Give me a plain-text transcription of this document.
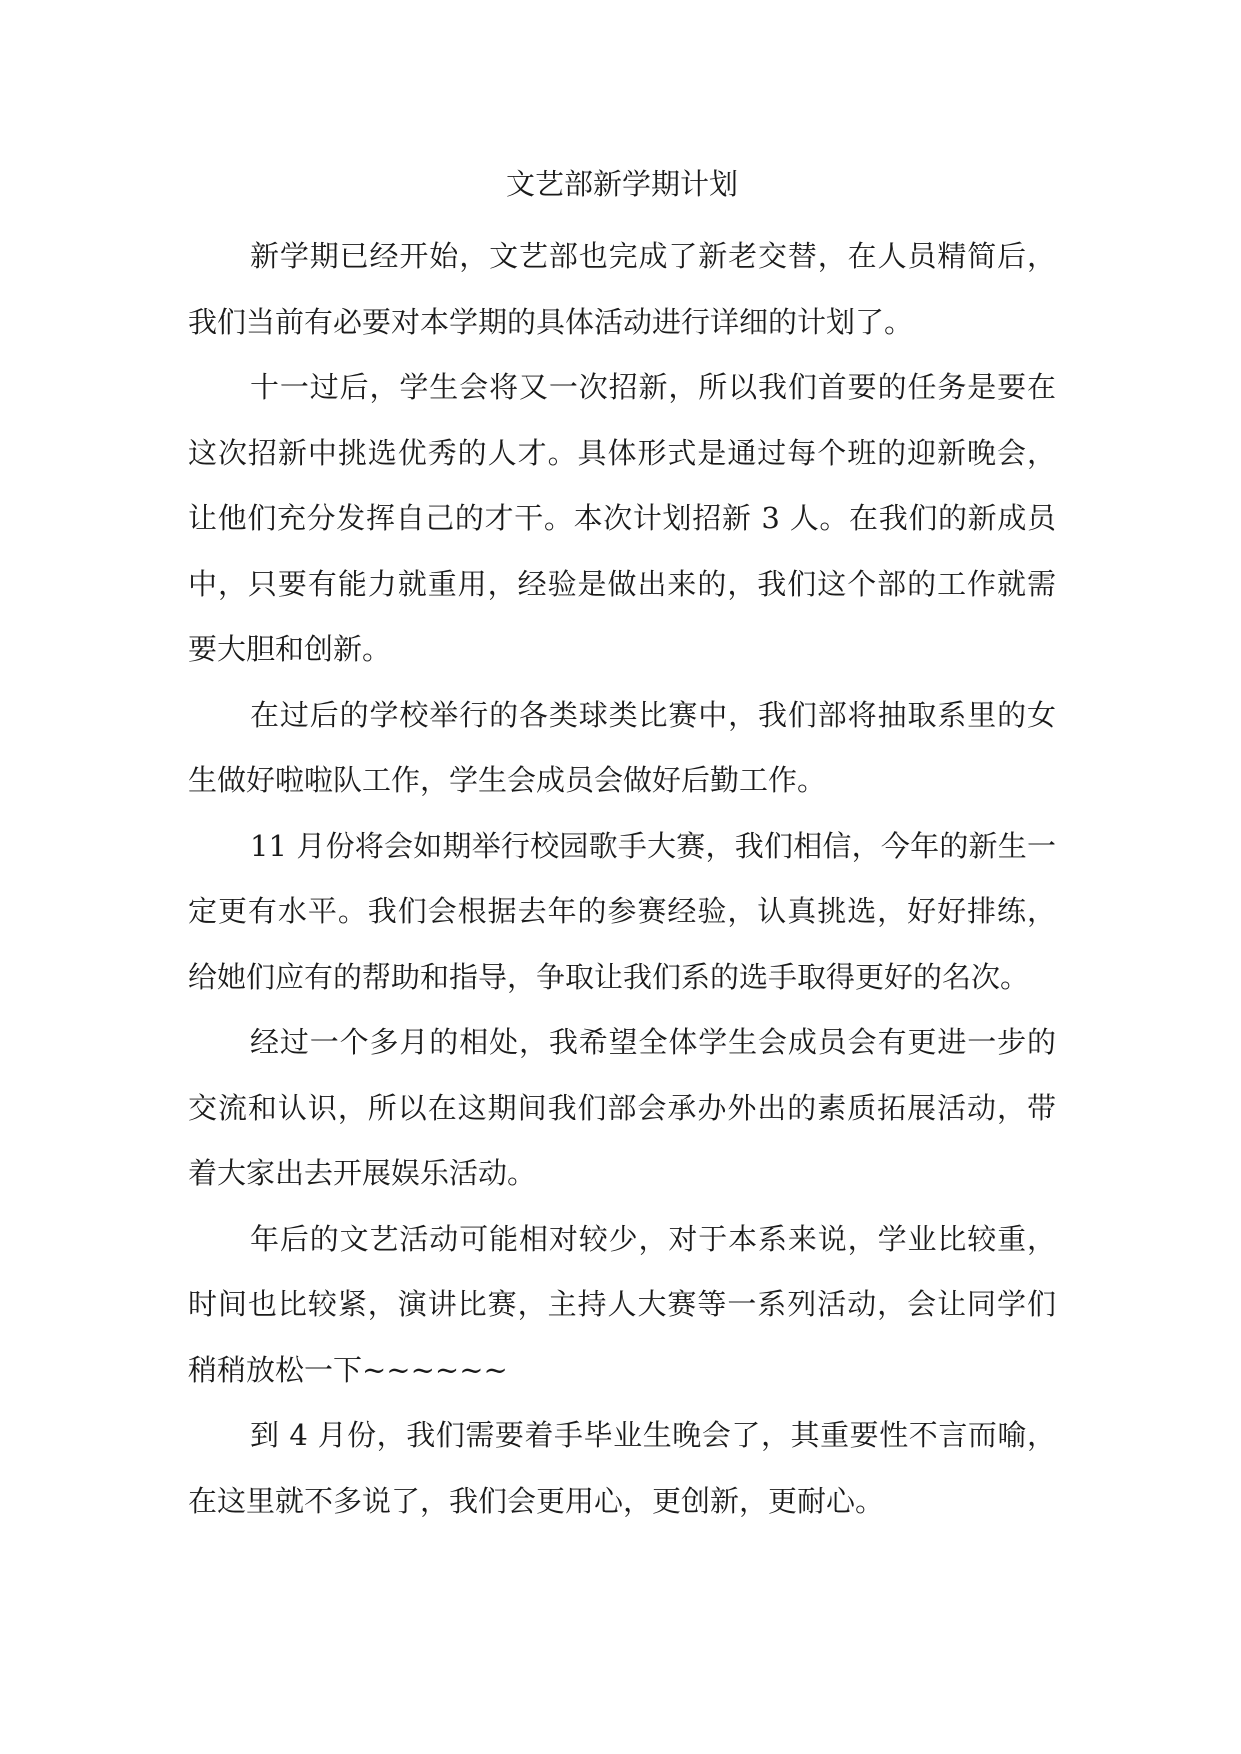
文艺部新学期计划

新学期已经开始，文艺部也完成了新老交替，在人员精简后，我们当前有必要对本学期的具体活动进行详细的计划了。

十一过后，学生会将又一次招新，所以我们首要的任务是要在这次招新中挑选优秀的人才。具体形式是通过每个班的迎新晚会，让他们充分发挥自己的才干。本次计划招新 3 人。在我们的新成员中，只要有能力就重用，经验是做出来的，我们这个部的工作就需要大胆和创新。

在过后的学校举行的各类球类比赛中，我们部将抽取系里的女生做好啦啦队工作，学生会成员会做好后勤工作。

11 月份将会如期举行校园歌手大赛，我们相信，今年的新生一定更有水平。我们会根据去年的参赛经验，认真挑选，好好排练，给她们应有的帮助和指导，争取让我们系的选手取得更好的名次。

经过一个多月的相处，我希望全体学生会成员会有更进一步的交流和认识，所以在这期间我们部会承办外出的素质拓展活动，带着大家出去开展娱乐活动。

年后的文艺活动可能相对较少，对于本系来说，学业比较重，时间也比较紧，演讲比赛，主持人大赛等一系列活动，会让同学们稍稍放松一下~~~~~~

到 4 月份，我们需要着手毕业生晚会了，其重要性不言而喻，在这里就不多说了，我们会更用心，更创新，更耐心。
